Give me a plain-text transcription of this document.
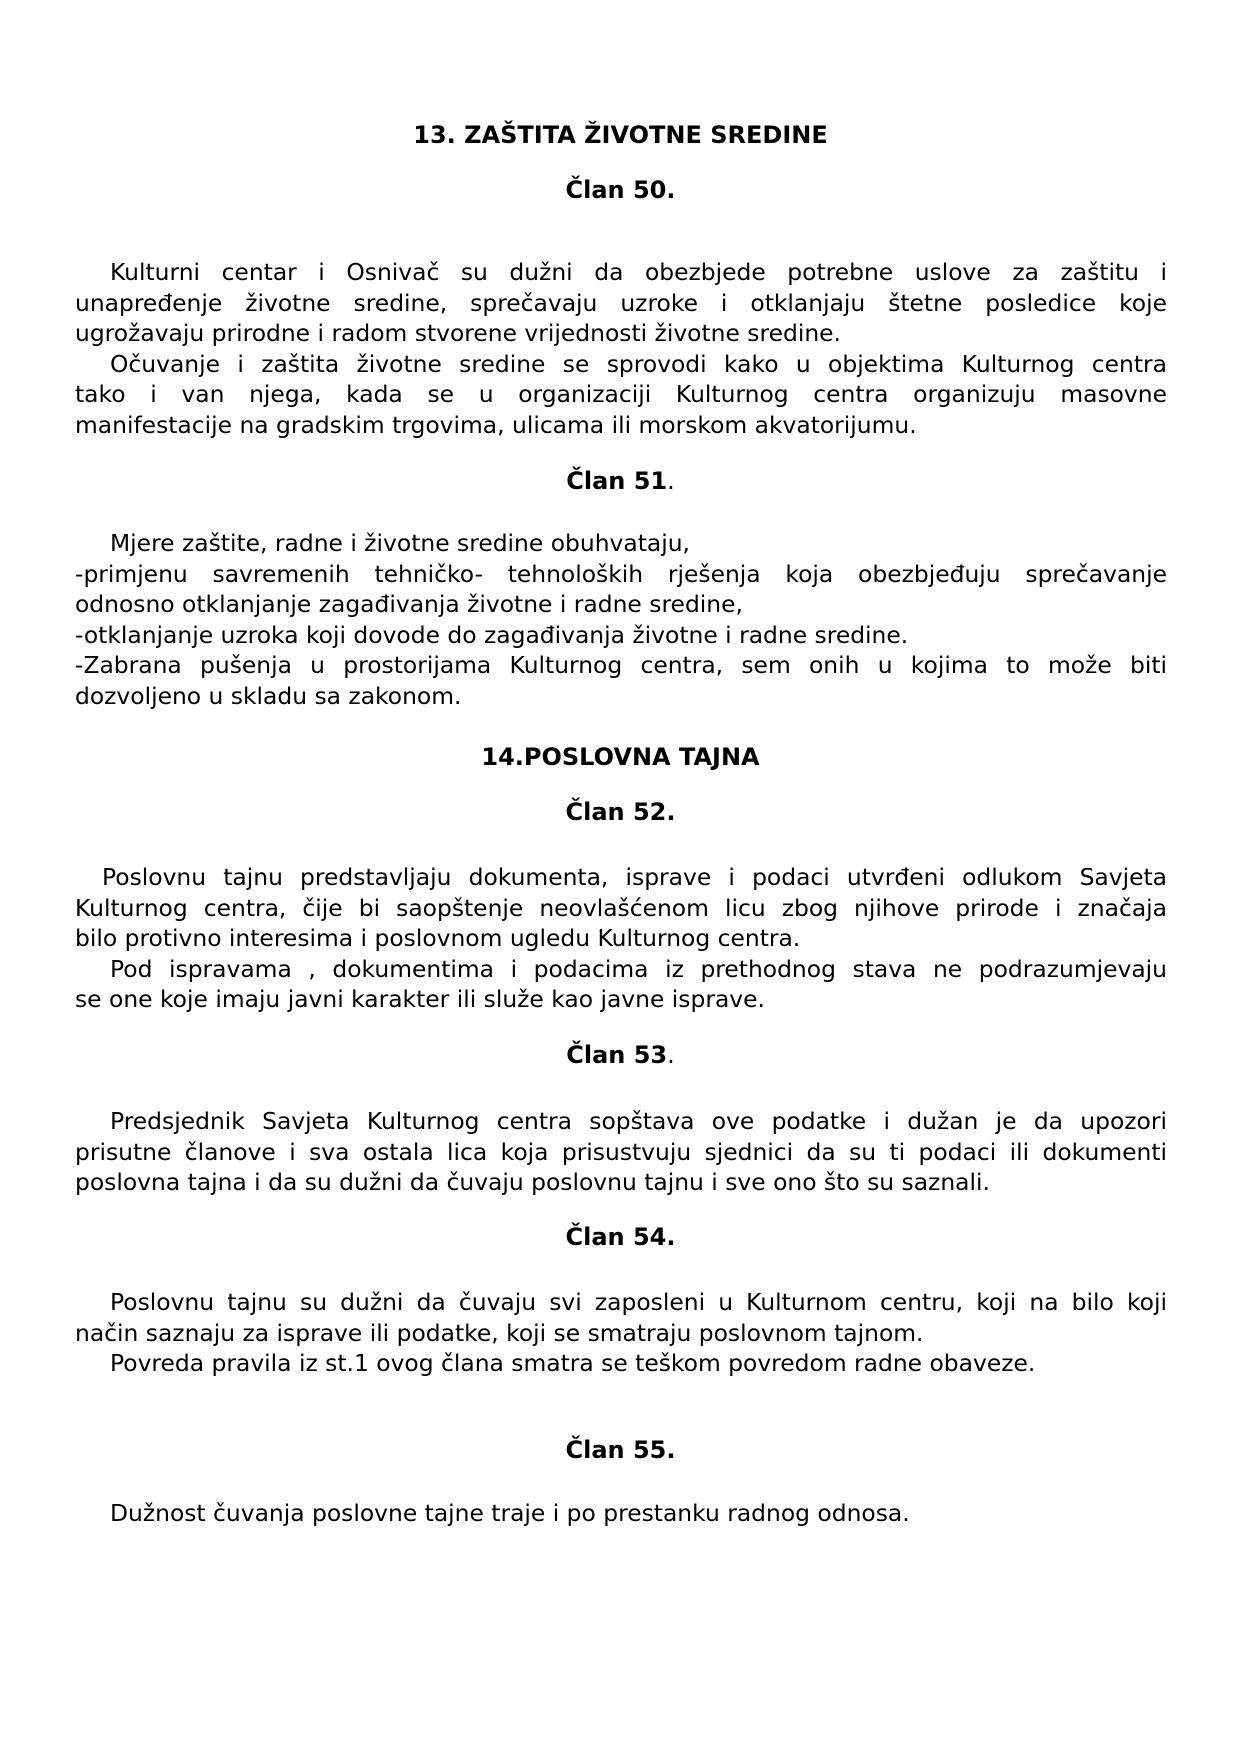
13. ZAŠTITA ŽIVOTNE SREDINE
Član 50.
Kulturni centar i Osnivač su dužni da obezbjede potrebne uslove za zaštitu i
unapređenje životne sredine, sprečavaju uzroke i otklanjaju štetne posledice koje
ugrožavaju prirodne i radom stvorene vrijednosti životne sredine.
Očuvanje i zaštita životne sredine se sprovodi kako u objektima Kulturnog centra
tako i van njega, kada se u organizaciji Kulturnog centra organizuju masovne
manifestacije na gradskim trgovima, ulicama ili morskom akvatorijumu.
Član 51.
Mjere zaštite, radne i životne sredine obuhvataju,
-primjenu savremenih tehničko- tehnoloških rješenja koja obezbjeđuju sprečavanje
odnosno otklanjanje zagađivanja životne i radne sredine,
-otklanjanje uzroka koji dovode do zagađivanja životne i radne sredine.
-Zabrana pušenja u prostorijama Kulturnog centra, sem onih u kojima to može biti
dozvoljeno u skladu sa zakonom.
14.POSLOVNA TAJNA
Član 52.
Poslovnu tajnu predstavljaju dokumenta, isprave i podaci utvrđeni odlukom Savjeta
Kulturnog centra, čije bi saopštenje neovlašćenom licu zbog njihove prirode i značaja
bilo protivno interesima i poslovnom ugledu Kulturnog centra.
Pod ispravama , dokumentima i podacima iz prethodnog stava ne podrazumjevaju
se one koje imaju javni karakter ili služe kao javne isprave.
Član 53.
Predsjednik Savjeta Kulturnog centra sopštava ove podatke i dužan je da upozori
prisutne članove i sva ostala lica koja prisustvuju sjednici da su ti podaci ili dokumenti
poslovna tajna i da su dužni da čuvaju poslovnu tajnu i sve ono što su saznali.
Član 54.
Poslovnu tajnu su dužni da čuvaju svi zaposleni u Kulturnom centru, koji na bilo koji
način saznaju za isprave ili podatke, koji se smatraju poslovnom tajnom.
Povreda pravila iz st.1 ovog člana smatra se teškom povredom radne obaveze.
Član 55.
Dužnost čuvanja poslovne tajne traje i po prestanku radnog odnosa.
